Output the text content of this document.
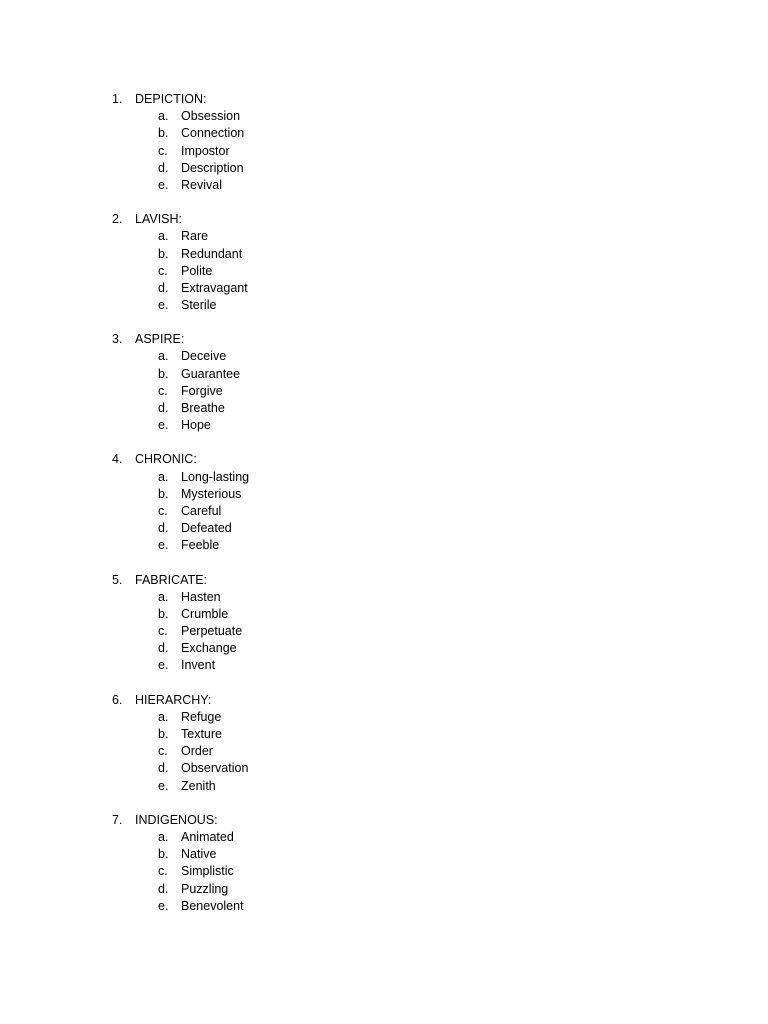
1.	DEPICTION:
a.	Obsession
b.	Connection
c.	Impostor
d.	Description
e.	Revival
2.	LAVISH:
a.	Rare
b.	Redundant
c.	Polite
d.	Extravagant
e.	Sterile
3.	ASPIRE:
a.	Deceive
b.	Guarantee
c.	Forgive
d.	Breathe
e.	Hope
4.	CHRONIC:
a.	Long-lasting
b.	Mysterious
c.	Careful
d.	Defeated
e.	Feeble
5.	FABRICATE:
a.	Hasten
b.	Crumble
c.	Perpetuate
d.	Exchange
e.	Invent
6.	HIERARCHY:
a.	Refuge
b.	Texture
c.	Order
d.	Observation
e.	Zenith
7.	INDIGENOUS:
a.	Animated
b.	Native
c.	Simplistic
d.	Puzzling
e.	Benevolent
